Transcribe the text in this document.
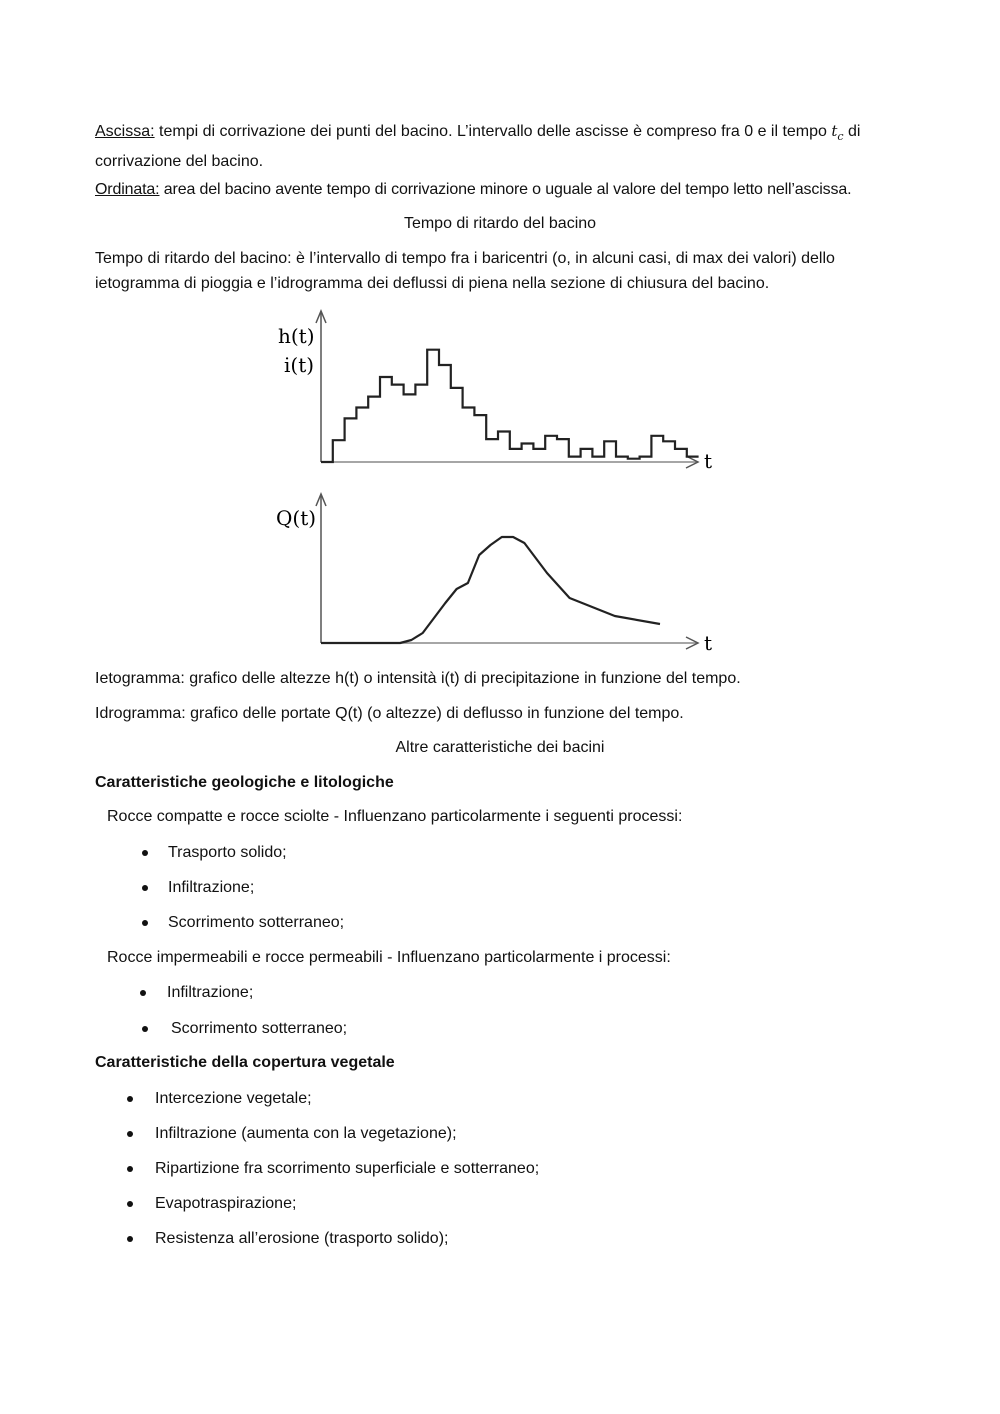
Ascissa: tempi di corrivazione dei punti del bacino. L’intervallo delle ascisse è compreso fra 0 e il tempo $t_c$ di
corrivazione del bacino.
Ordinata: area del bacino avente tempo di corrivazione minore o uguale al valore del tempo letto nell’ascissa.
Tempo di ritardo del bacino
Tempo di ritardo del bacino: è l’intervallo di tempo fra i baricentri (o, in alcuni casi, di max dei valori) dello
ietogramma di pioggia e l’idrogramma dei deflussi di piena nella sezione di chiusura del bacino.
h(t)
i(t)
t
Q(t)
t
Ietogramma: grafico delle altezze h(t) o intensità i(t) di precipitazione in funzione del tempo.
Idrogramma: grafico delle portate Q(t) (o altezze) di deflusso in funzione del tempo.
Altre caratteristiche dei bacini
Caratteristiche geologiche e litologiche
Rocce compatte e rocce sciolte - Influenzano particolarmente i seguenti processi:
Trasporto solido;
Infiltrazione;
Scorrimento sotterraneo;
Rocce impermeabili e rocce permeabili - Influenzano particolarmente i processi:
Infiltrazione;
Scorrimento sotterraneo;
Caratteristiche della copertura vegetale
Intercezione vegetale;
Infiltrazione (aumenta con la vegetazione);
Ripartizione fra scorrimento superficiale e sotterraneo;
Evapotraspirazione;
Resistenza all’erosione (trasporto solido);
